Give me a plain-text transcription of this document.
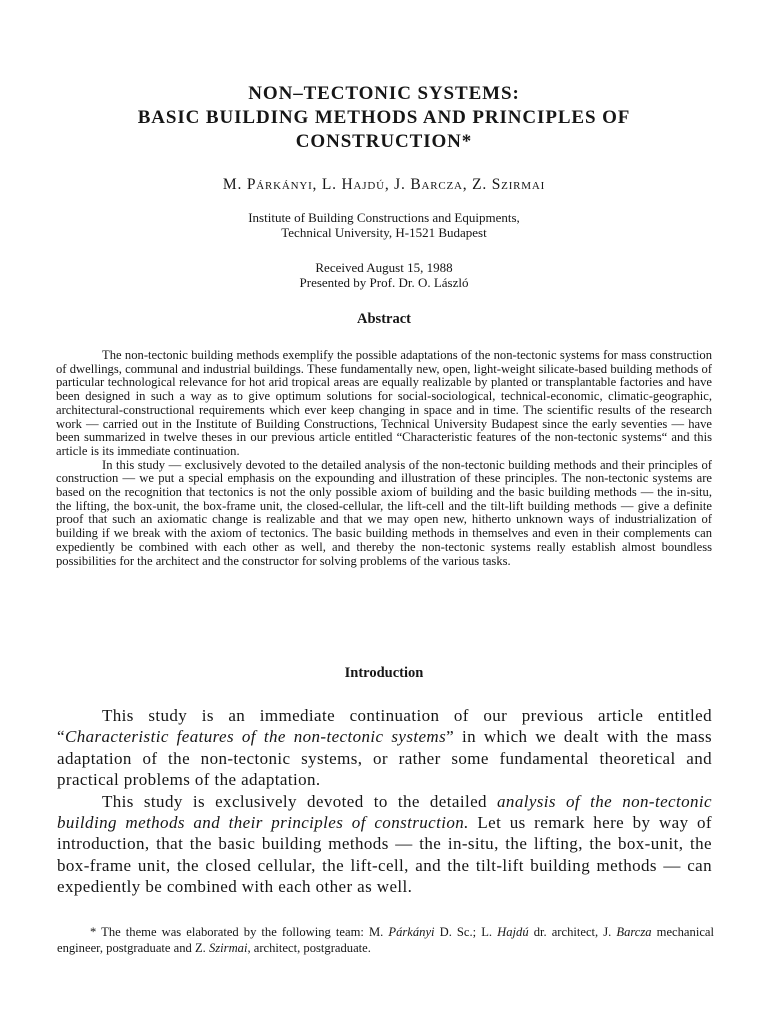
NON–TECTONIC SYSTEMS:
BASIC BUILDING METHODS AND PRINCIPLES OF
CONSTRUCTION*
M. Párkányi, L. Hajdú, J. Barcza, Z. Szirmai
Institute of Building Constructions and Equipments,
Technical University, H-1521 Budapest
Received August 15, 1988
Presented by Prof. Dr. O. László
Abstract

The non-tectonic building methods exemplify the possible adaptations of the non-tectonic systems for mass construction of dwellings, communal and industrial buildings. These fundamentally new, open, light-weight silicate-based building methods of particular technological relevance for hot arid tropical areas are equally realizable by planted or transplantable factories and have been designed in such a way as to give optimum solutions for social-sociological, technical-economic, climatic-geographic, architectural-constructional requirements which ever keep changing in space and in time. The scientific results of the research work — carried out in the Institute of Building Constructions, Technical University Budapest since the early seventies — have been summarized in twelve theses in our previous article entitled “Characteristic features of the non-tectonic systems“ and this article is its immediate continuation.

In this study — exclusively devoted to the detailed analysis of the non-tectonic building methods and their principles of construction — we put a special emphasis on the expounding and illustration of these principles. The non-tectonic systems are based on the recognition that tectonics is not the only possible axiom of building and the basic building methods — the in-situ, the lifting, the box-unit, the box-frame unit, the closed-cellular, the lift-cell and the tilt-lift building methods — give a definite proof that such an axiomatic change is realizable and that we may open new, hitherto unknown ways of industrialization of building if we break with the axiom of tectonics. The basic building methods in themselves and even in their complements can expediently be combined with each other as well, and thereby the non-tectonic systems really establish almost boundless possibilities for the architect and the constructor for solving problems of the various tasks.

Introduction

This study is an immediate continuation of our previous article entitled “Characteristic features of the non-tectonic systems” in which we dealt with the mass adaptation of the non-tectonic systems, or rather some fundamental theoretical and practical problems of the adaptation.

This study is exclusively devoted to the detailed analysis of the non-tectonic building methods and their principles of construction. Let us remark here by way of introduction, that the basic building methods — the in-situ, the lifting, the box-unit, the box-frame unit, the closed cellular, the lift-cell, and the tilt-lift building methods — can expediently be combined with each other as well.

* The theme was elaborated by the following team: M. Párkányi D. Sc.; L. Hajdú dr. architect, J. Barcza mechanical engineer, postgraduate and Z. Szirmai, architect, postgraduate.
